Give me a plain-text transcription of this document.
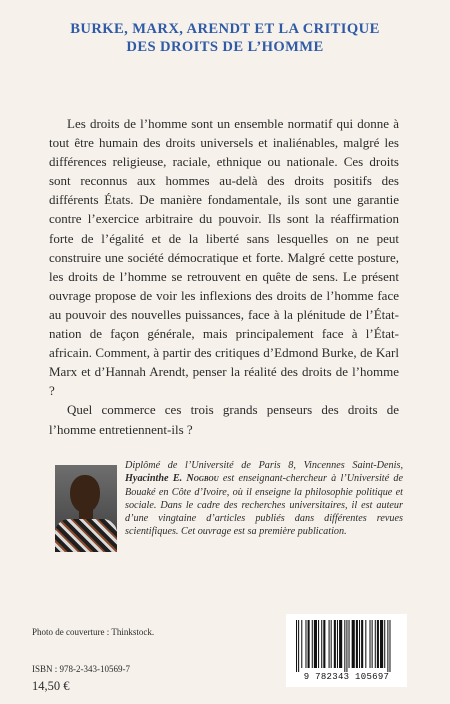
BURKE, MARX, ARENDT ET LA CRITIQUE
DES DROITS DE L’HOMME

Les droits de l’homme sont un ensemble normatif qui donne à tout être humain des droits universels et inaliénables, malgré les différences religieuse, raciale, ethnique ou nationale. Ces droits sont reconnus aux hommes au-delà des droits positifs des différents États. De manière fondamentale, ils sont une garantie contre l’exercice arbitraire du pouvoir. Ils sont la réaffirmation forte de l’égalité et de la liberté sans lesquelles on ne peut construire une société démocratique et forte. Malgré cette posture, les droits de l’homme se retrouvent en quête de sens. Le présent ouvrage propose de voir les inflexions des droits de l’homme face au pouvoir des nouvelles puissances, face à la plénitude de l’État-nation de façon générale, mais principalement face à l’État-africain. Comment, à partir des critiques d’Edmond Burke, de Karl Marx et d’Hannah Arendt, penser la réalité des droits de l’homme ?

Quel commerce ces trois grands penseurs des droits de l’homme entretiennent-ils ?

Diplômé de l’Université de Paris 8, Vincennes Saint-Denis, Hyacinthe E. Nogbou est enseignant-chercheur à l’Université de Bouaké en Côte d’Ivoire, où il enseigne la philosophie politique et sociale. Dans le cadre des recherches universitaires, il est auteur d’une vingtaine d’articles publiés dans différentes revues scientifiques. Cet ouvrage est sa première publication.
Photo de couverture : Thinkstock.
ISBN : 978-2-343-10569-7
14,50 €
9 782343 105697
